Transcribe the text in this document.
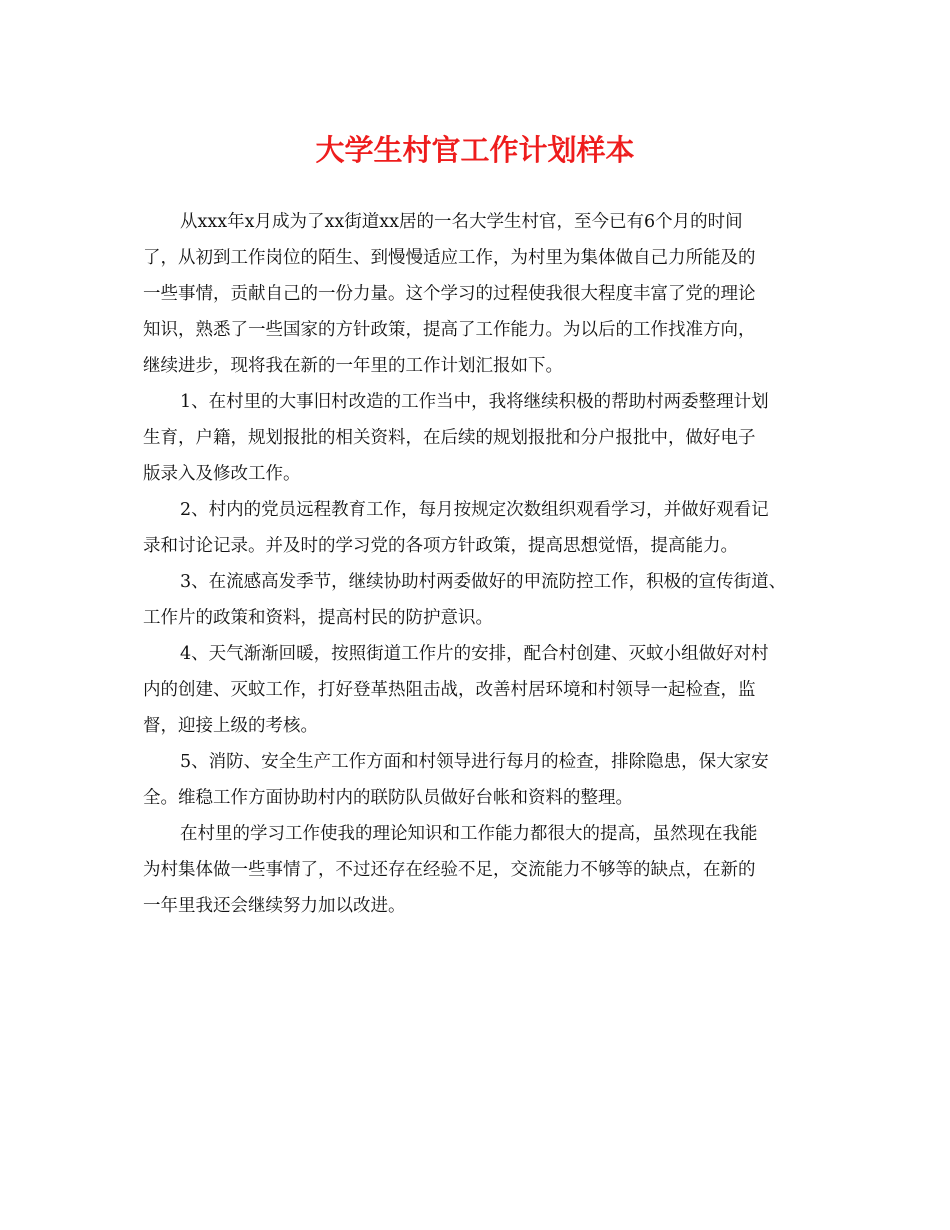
大学生村官工作计划样本
从xxx年x月成为了xx街道xx居的一名大学生村官，至今已有6个月的时间
了，从初到工作岗位的陌生、到慢慢适应工作，为村里为集体做自己力所能及的
一些事情，贡献自己的一份力量。这个学习的过程使我很大程度丰富了党的理论
知识，熟悉了一些国家的方针政策，提高了工作能力。为以后的工作找准方向，
继续进步，现将我在新的一年里的工作计划汇报如下。
1、在村里的大事旧村改造的工作当中，我将继续积极的帮助村两委整理计划
生育，户籍，规划报批的相关资料，在后续的规划报批和分户报批中，做好电子
版录入及修改工作。
2、村内的党员远程教育工作，每月按规定次数组织观看学习，并做好观看记
录和讨论记录。并及时的学习党的各项方针政策，提高思想觉悟，提高能力。
3、在流感高发季节，继续协助村两委做好的甲流防控工作，积极的宣传街道、
工作片的政策和资料，提高村民的防护意识。
4、天气渐渐回暖，按照街道工作片的安排，配合村创建、灭蚊小组做好对村
内的创建、灭蚊工作，打好登革热阻击战，改善村居环境和村领导一起检查，监
督，迎接上级的考核。
5、消防、安全生产工作方面和村领导进行每月的检查，排除隐患，保大家安
全。维稳工作方面协助村内的联防队员做好台帐和资料的整理。
在村里的学习工作使我的理论知识和工作能力都很大的提高，虽然现在我能
为村集体做一些事情了，不过还存在经验不足，交流能力不够等的缺点，在新的
一年里我还会继续努力加以改进。
